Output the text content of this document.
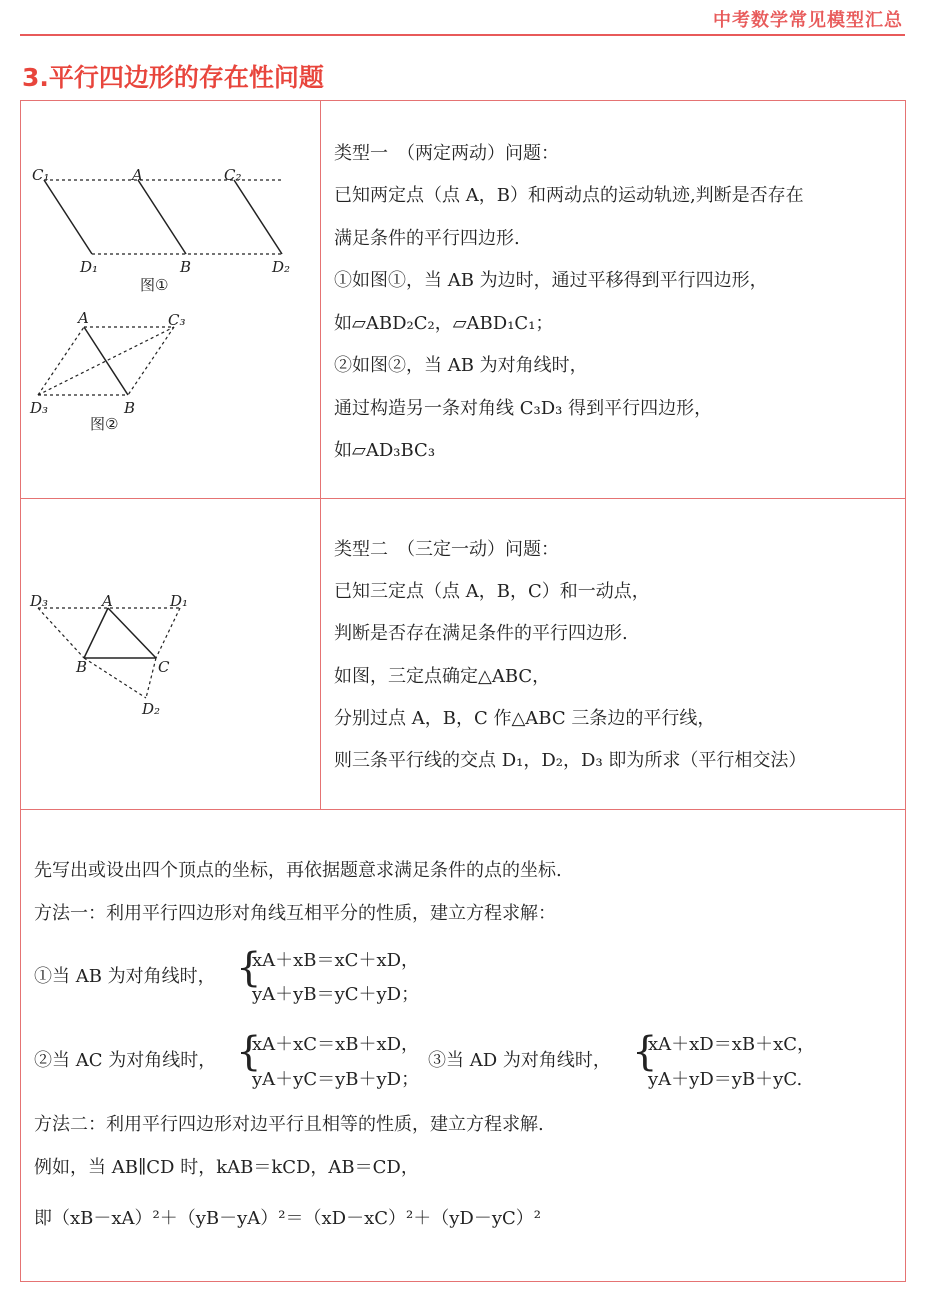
中考数学常见模型汇总
3.平行四边形的存在性问题
C₁	A	C₂
D₁	B	D₂
图①
A	C₃
D₃	B
图②
类型一　（两定两动）问题：
已知两定点（点 A，B）和两动点的运动轨迹,判断是否存在
满足条件的平行四边形.
①如图①，当 AB 为边时，通过平移得到平行四边形，
如▱ABD₂C₂，▱ABD₁C₁；
②如图②，当 AB 为对角线时，
通过构造另一条对角线 C₃D₃ 得到平行四边形，
如▱AD₃BC₃
D₃	A	D₁
B	C
D₂
类型二　（三定一动）问题：
已知三定点（点 A，B，C）和一动点，
判断是否存在满足条件的平行四边形.
如图，三定点确定△ABC，
分别过点 A，B，C 作△ABC 三条边的平行线，
则三条平行线的交点 D₁，D₂，D₃ 即为所求（平行相交法）
先写出或设出四个顶点的坐标，再依据题意求满足条件的点的坐标.
方法一：利用平行四边形对角线互相平分的性质，建立方程求解：
①当 AB 为对角线时， {
xA＋xB＝xC＋xD，
yA＋yB＝yC＋yD；
②当 AC 为对角线时， {
xA＋xC＝xB＋xD，
yA＋yC＝yB＋yD；
③当 AD 为对角线时， {
xA＋xD＝xB＋xC，
yA＋yD＝yB＋yC.
方法二：利用平行四边形对边平行且相等的性质，建立方程求解.
例如，当 AB∥CD 时，kAB＝kCD，AB＝CD，
即（xB－xA）²＋（yB－yA）²＝（xD－xC）²＋（yD－yC）²
